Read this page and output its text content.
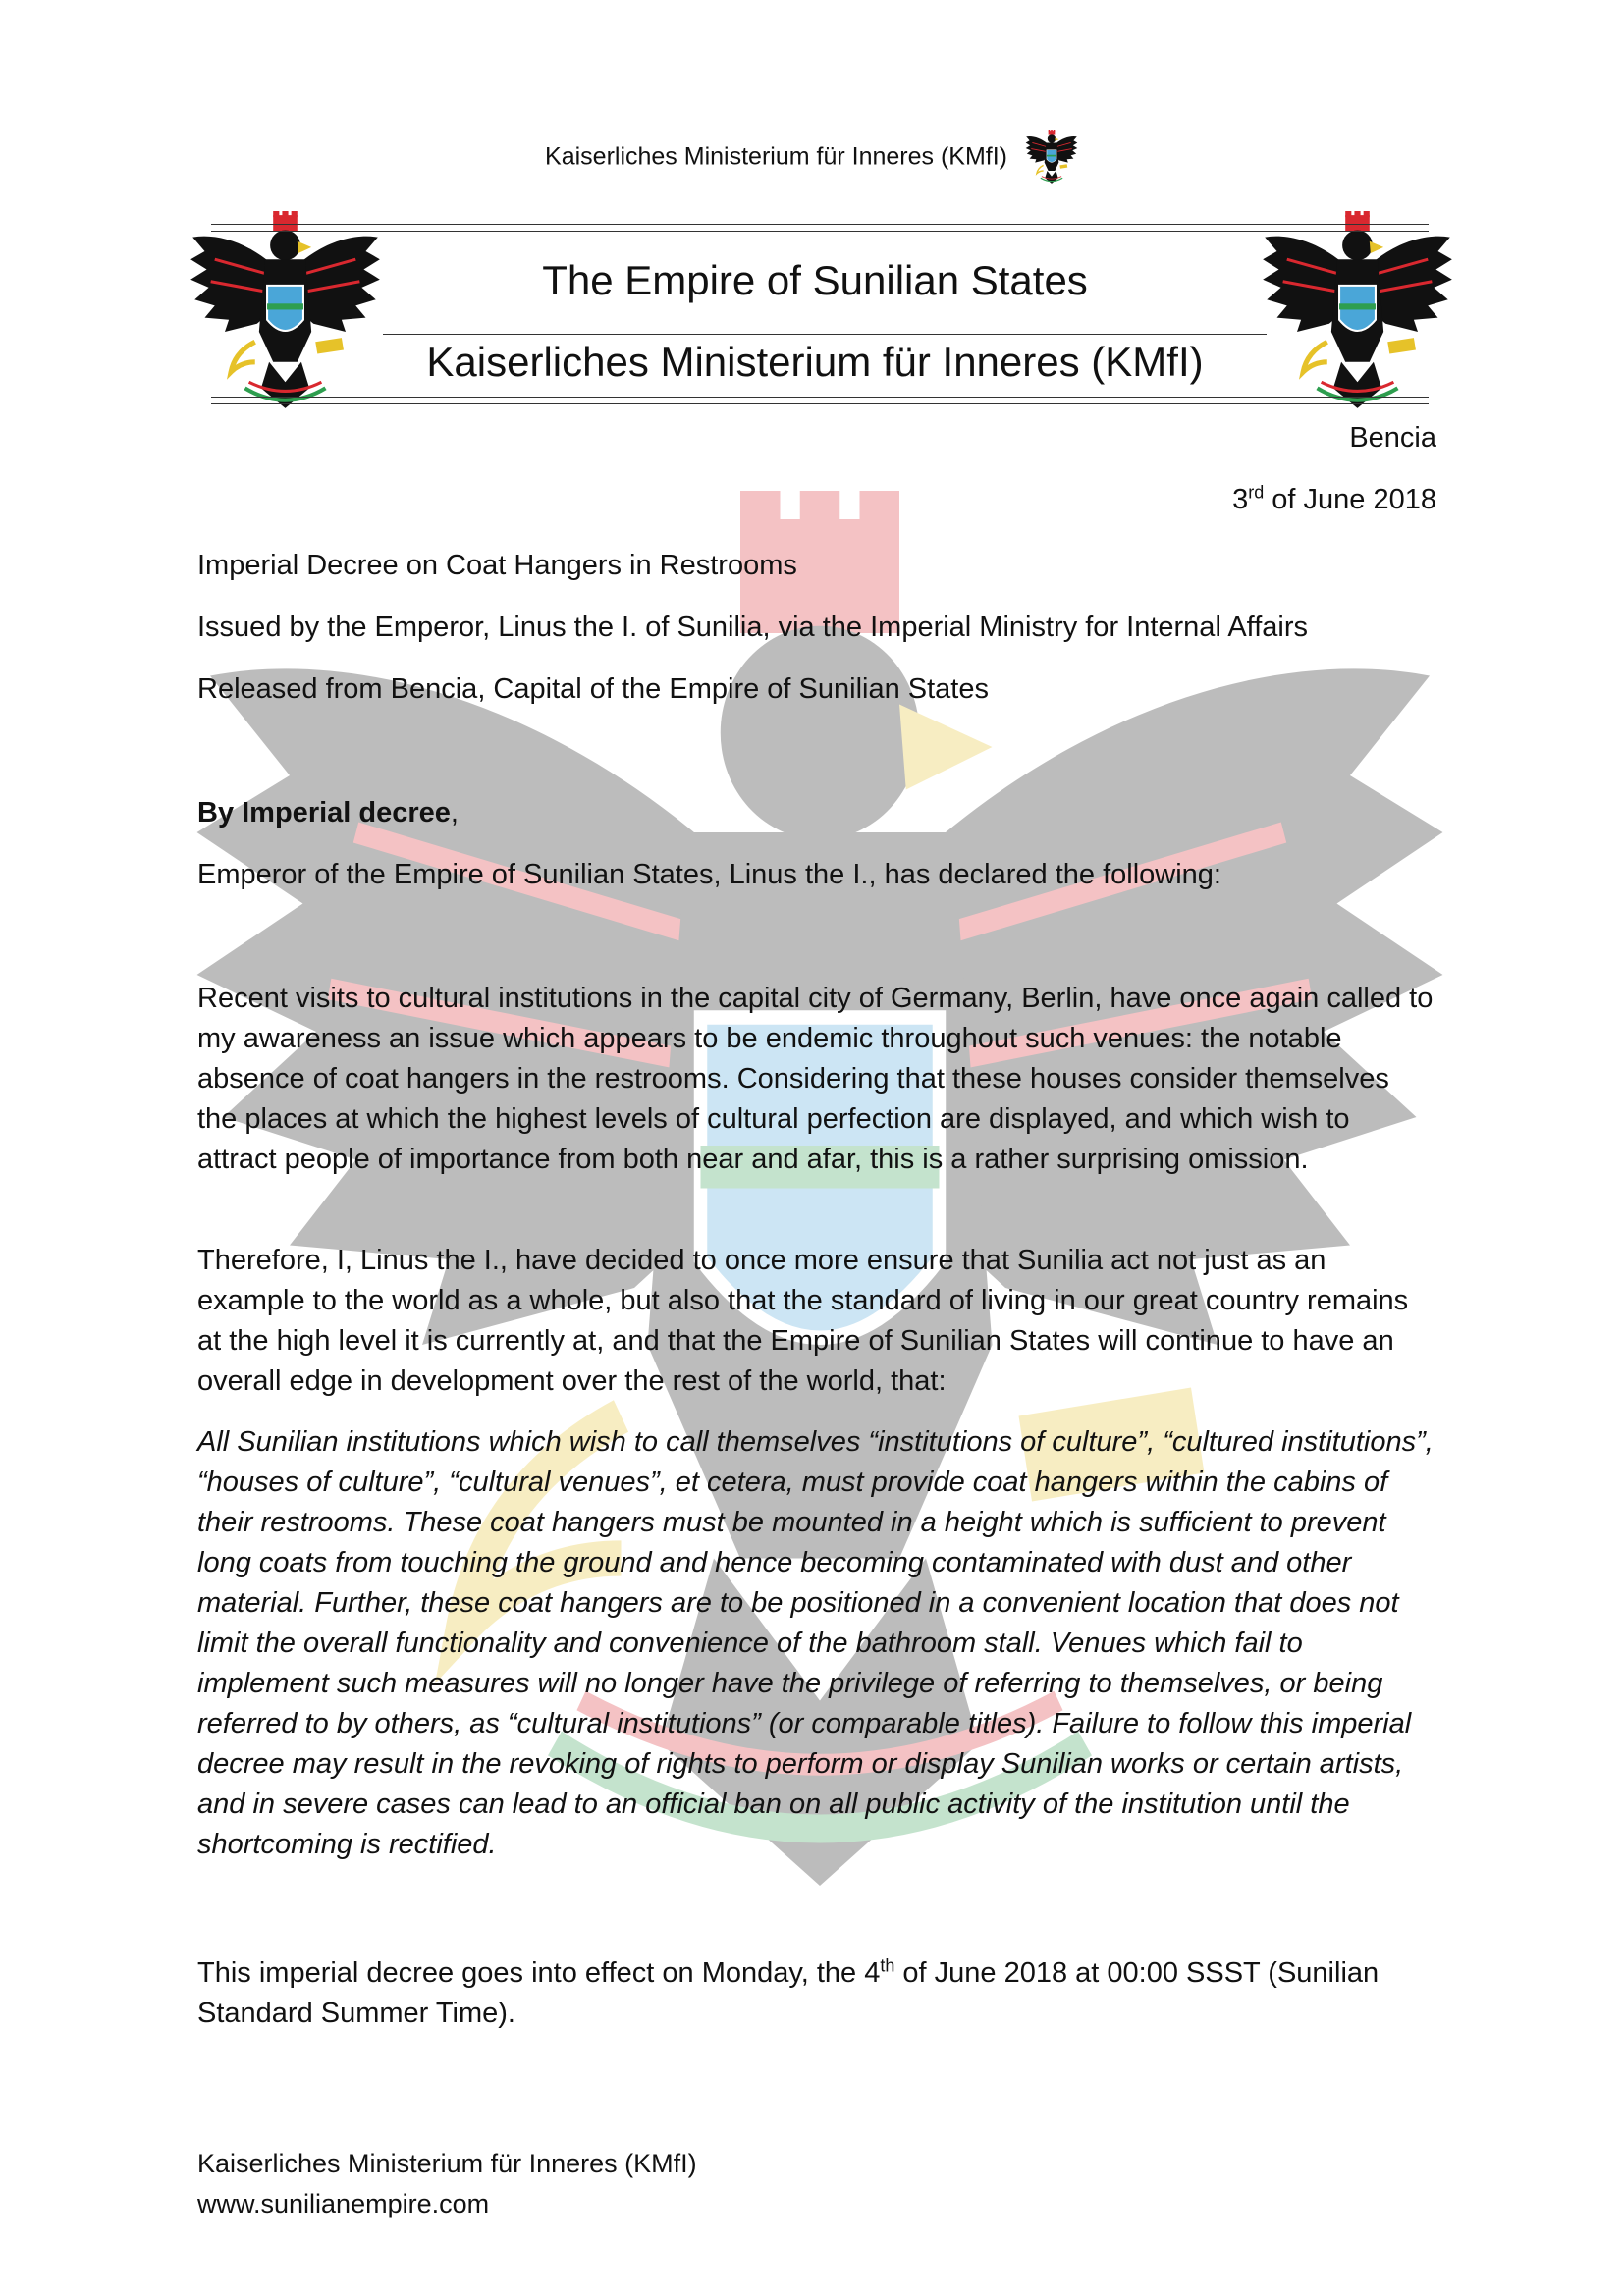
Kaiserliches Ministerium für Inneres (KMfI)
The Empire of Sunilian States
Kaiserliches Ministerium für Inneres (KMfI)
Bencia
3rd of June 2018
Imperial Decree on Coat Hangers in Restrooms
Issued by the Emperor, Linus the I. of Sunilia, via the Imperial Ministry for Internal Affairs
Released from Bencia, Capital of the Empire of Sunilian States
By Imperial decree,
Emperor of the Empire of Sunilian States, Linus the I., has declared the following:
Recent visits to cultural institutions in the capital city of Germany, Berlin, have once again called to my awareness an issue which appears to be endemic throughout such venues: the notable absence of coat hangers in the restrooms. Considering that these houses consider themselves the places at which the highest levels of cultural perfection are displayed, and which wish to attract people of importance from both near and afar, this is a rather surprising omission.
Therefore, I, Linus the I., have decided to once more ensure that Sunilia act not just as an example to the world as a whole, but also that the standard of living in our great country remains at the high level it is currently at, and that the Empire of Sunilian States will continue to have an overall edge in development over the rest of the world, that:
All Sunilian institutions which wish to call themselves “institutions of culture”, “cultured institutions”, “houses of culture”, “cultural venues”, et cetera, must provide coat hangers within the cabins of their restrooms. These coat hangers must be mounted in a height which is sufficient to prevent long coats from touching the ground and hence becoming contaminated with dust and other material. Further, these coat hangers are to be positioned in a convenient location that does not limit the overall functionality and convenience of the bathroom stall. Venues which fail to implement such measures will no longer have the privilege of referring to themselves, or being referred to by others, as “cultural institutions” (or comparable titles). Failure to follow this imperial decree may result in the revoking of rights to perform or display Sunilian works or certain artists, and in severe cases can lead to an official ban on all public activity of the institution until the shortcoming is rectified.
This imperial decree goes into effect on Monday, the 4th of June 2018 at 00:00 SSST (Sunilian Standard Summer Time).
Kaiserliches Ministerium für Inneres (KMfI)
www.sunilianempire.com
